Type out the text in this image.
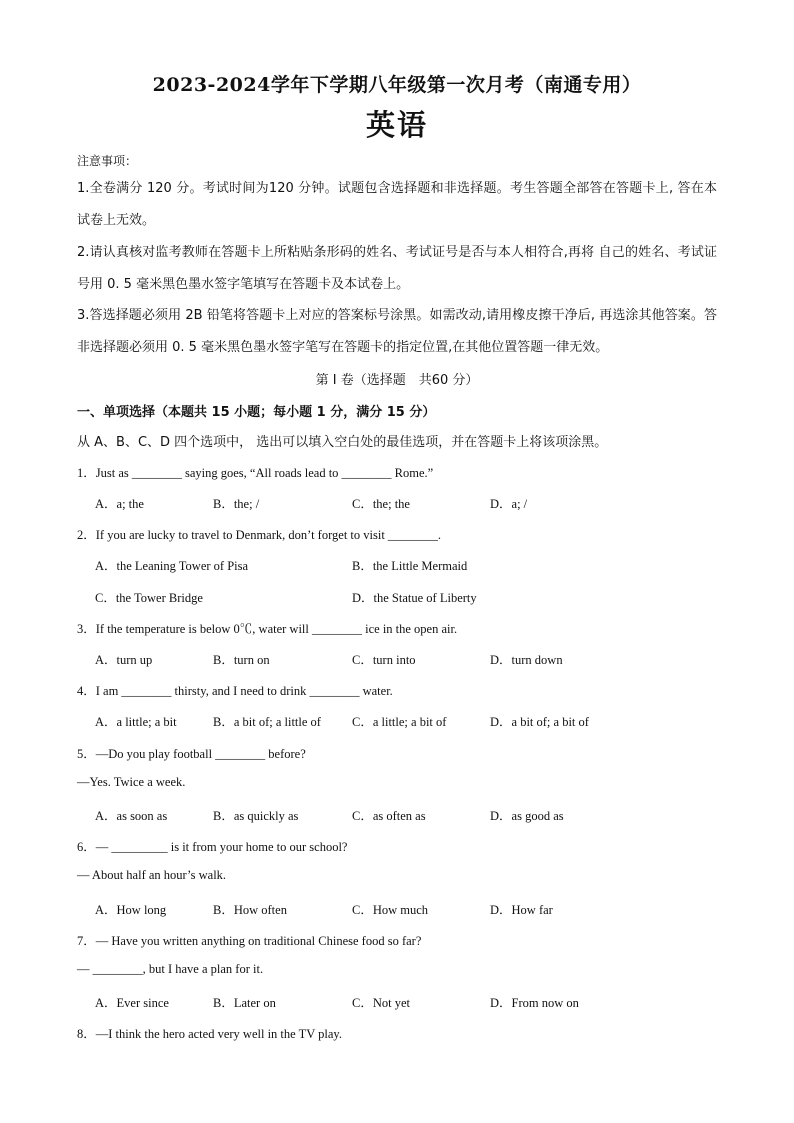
2023-2024学年下学期八年级第一次月考（南通专用）
英语
注意事项：
1.全卷满分 120 分。考试时间为120 分钟。试题包含选择题和非选择题。考生答题全部答在答题卡上, 答在本试卷上无效。
2.请认真核对监考教师在答题卡上所粘贴条形码的姓名、考试证号是否与本人相符合,再将 自己的姓名、考试证号用 0. 5 毫米黑色墨水签字笔填写在答题卡及本试卷上。
3.答选择题必须用 2B 铅笔将答题卡上对应的答案标号涂黑。如需改动,请用橡皮擦干净后, 再选涂其他答案。答非选择题必须用 0. 5 毫米黑色墨水签字笔写在答题卡的指定位置,在其他位置答题一律无效。
第 I 卷（选择题　共60 分）
一、单项选择（本题共 15 小题；每小题 1 分，满分 15 分）
从 A、B、C、D 四个选项中， 选出可以填入空白处的最佳选项，并在答题卡上将该项涂黑。
1．Just as ________ saying goes, “All roads lead to ________ Rome.”
A．a; the	B．the; /	C．the; the	D．a; /
2．If you are lucky to travel to Denmark, don’t forget to visit ________.
A．the Leaning Tower of Pisa	B．the Little Mermaid
C．the Tower Bridge	D．the Statue of Liberty
3．If the temperature is below 0℃, water will ________ ice in the open air.
A．turn up	B．turn on	C．turn into	D．turn down
4．I am ________ thirsty, and I need to drink ________ water.
A．a little; a bit	B．a bit of; a little of C．a little; a bit of	D．a bit of; a bit of
5．—Do you play football ________ before?
—Yes. Twice a week.
A．as soon as	B．as quickly as	C．as often as	D．as good as
6．— _________ is it from your home to our school?
— About half an hour’s walk.
A．How long	B．How often	C．How much	D．How far
7．— Have you written anything on traditional Chinese food so far?
— ________, but I have a plan for it.
A．Ever since	B．Later on	C．Not yet	D．From now on
8．—I think the hero acted very well in the TV play.
